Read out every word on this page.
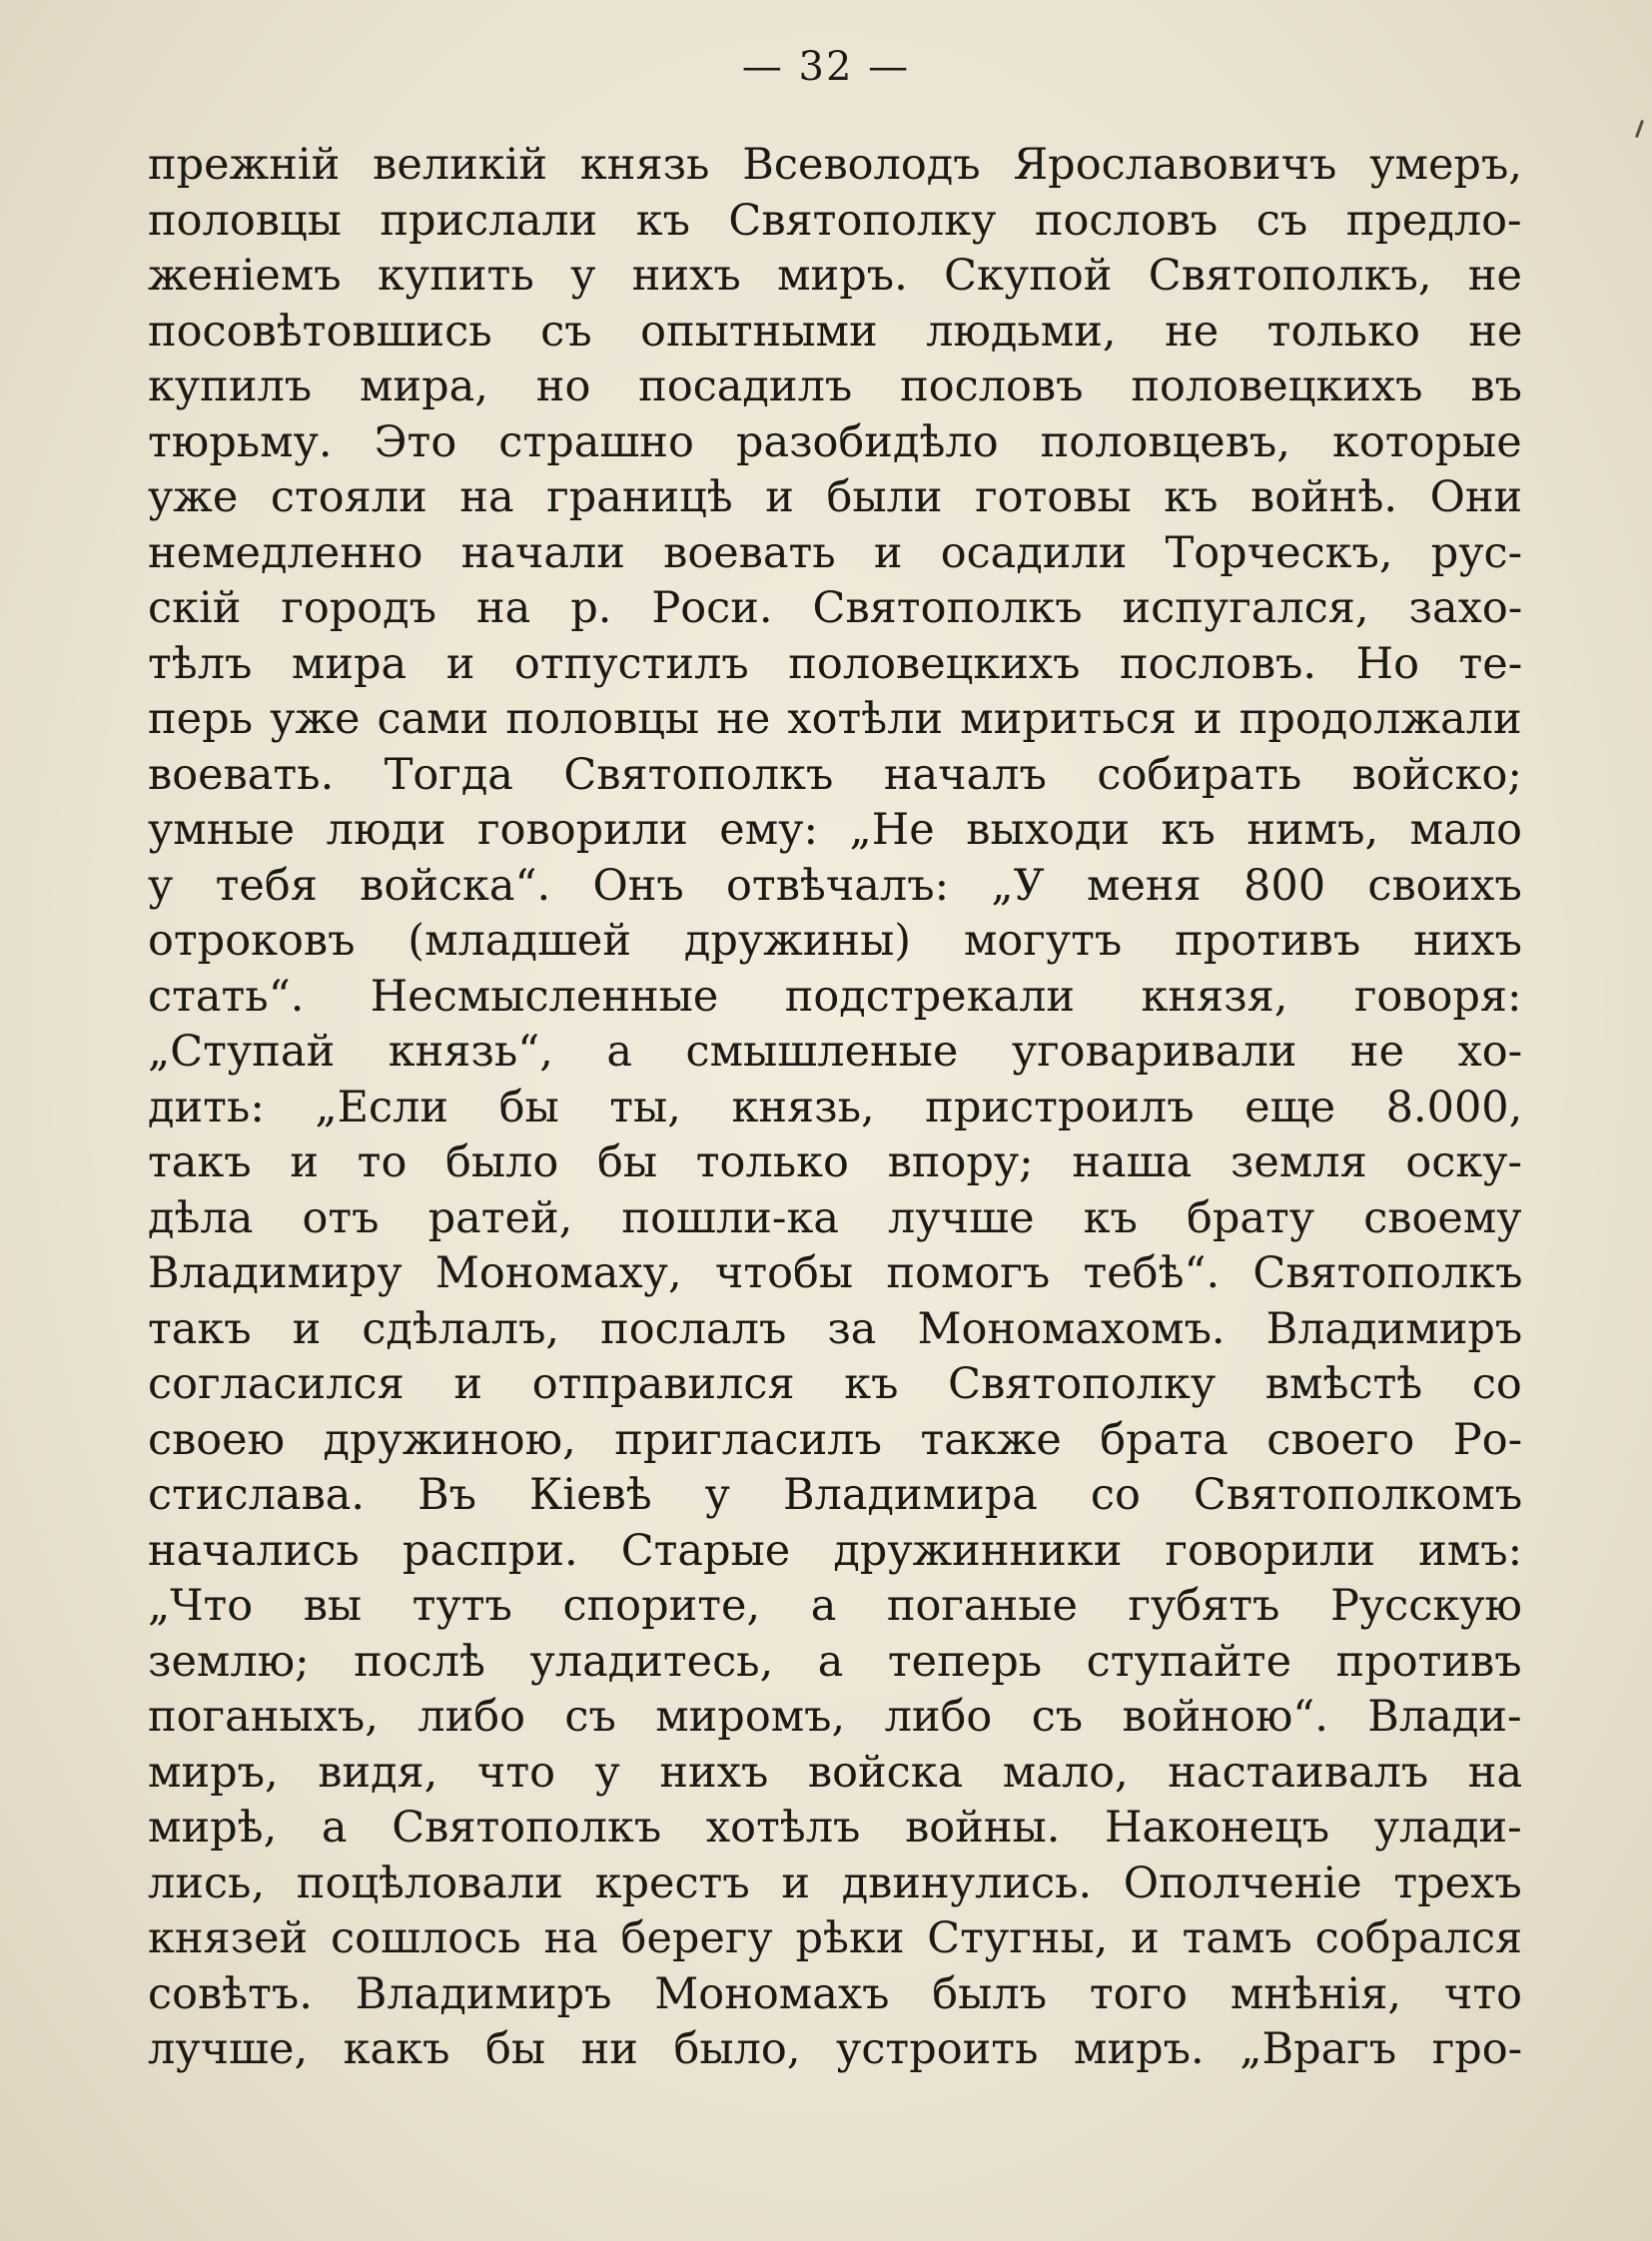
— 32 —
прежній великій князь Всеволодъ Ярославовичъ умеръ,
половцы прислали къ Святополку пословъ съ предло-
женіемъ купить у нихъ миръ. Скупой Святополкъ, не
посовѣтовшись съ опытными людьми, не только не
купилъ мира, но посадилъ пословъ половецкихъ въ
тюрьму. Это страшно разобидѣло половцевъ, которые
уже стояли на границѣ и были готовы къ войнѣ. Они
немедленно начали воевать и осадили Торческъ, рус-
скій городъ на р. Роси. Святополкъ испугался, захо-
тѣлъ мира и отпустилъ половецкихъ пословъ. Но те-
перь уже сами половцы не хотѣли мириться и продолжали
воевать. Тогда Святополкъ началъ собирать войско;
умные люди говорили ему: „Не выходи къ нимъ, мало
у тебя войска“. Онъ отвѣчалъ: „У меня 800 своихъ
отроковъ (младшей дружины) могутъ противъ нихъ
стать“. Несмысленные подстрекали князя, говоря:
„Ступай князь“, а смышленые уговаривали не хо-
дить: „Если бы ты, князь, пристроилъ еще 8.000,
такъ и то было бы только впору; наша земля оску-
дѣла отъ ратей, пошли-ка лучше къ брату своему
Владимиру Мономаху, чтобы помогъ тебѣ“. Святополкъ
такъ и сдѣлалъ, послалъ за Мономахомъ. Владимиръ
согласился и отправился къ Святополку вмѣстѣ со
своею дружиною, пригласилъ также брата своего Ро-
стислава. Въ Кіевѣ у Владимира со Святополкомъ
начались распри. Старые дружинники говорили имъ:
„Что вы тутъ спорите, а поганые губятъ Русскую
землю; послѣ уладитесь, а теперь ступайте противъ
поганыхъ, либо съ миромъ, либо съ войною“. Влади-
миръ, видя, что у нихъ войска мало, настаивалъ на
мирѣ, а Святополкъ хотѣлъ войны. Наконецъ улади-
лись, поцѣловали крестъ и двинулись. Ополченіе трехъ
князей сошлось на берегу рѣки Стугны, и тамъ собрался
совѣтъ. Владимиръ Мономахъ былъ того мнѣнія, что
лучше, какъ бы ни было, устроить миръ. „Врагъ гро-
